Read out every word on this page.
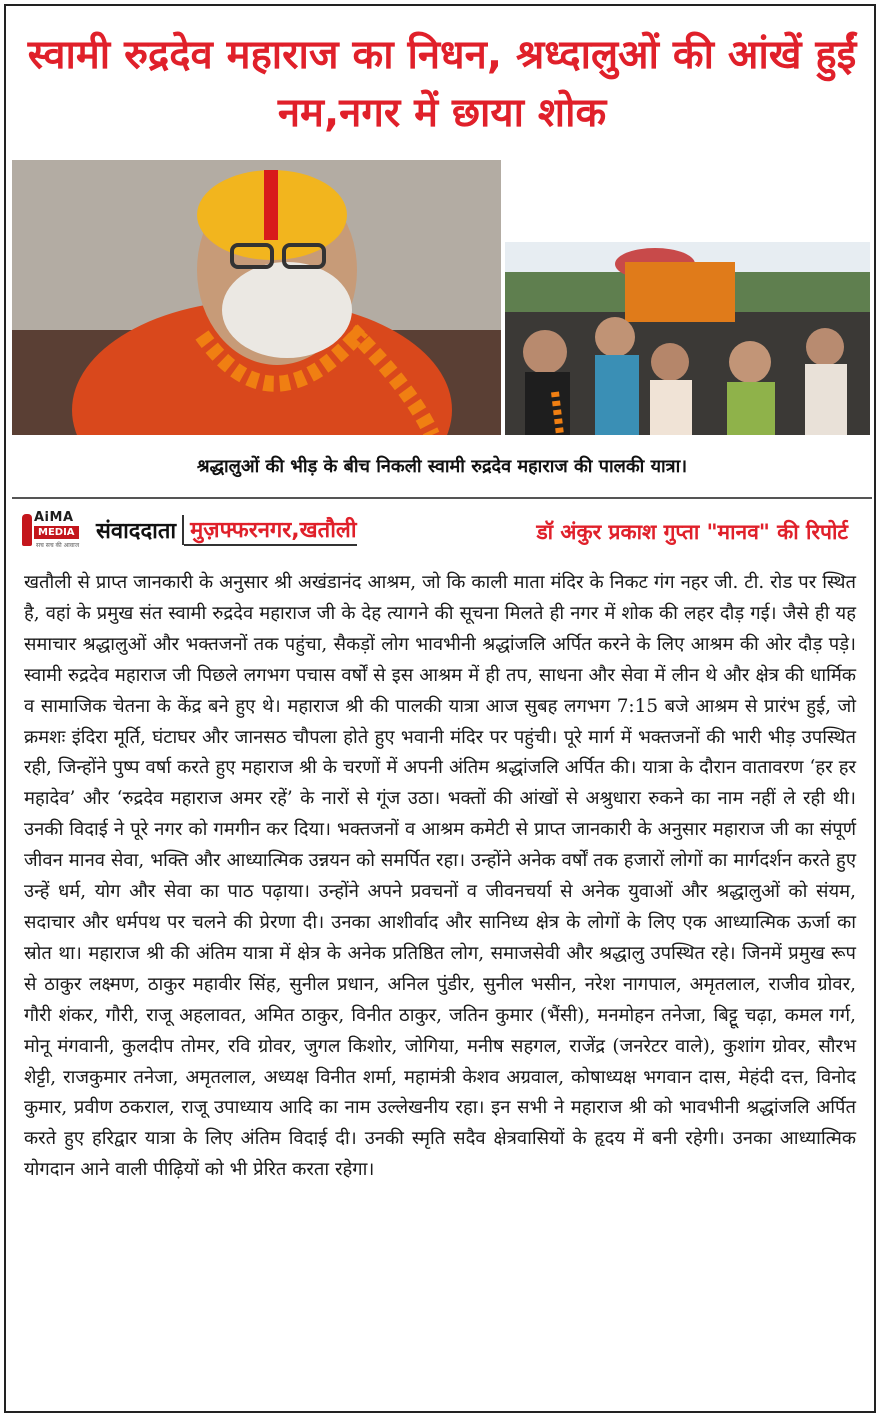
स्वामी रुद्रदेव महाराज का निधन, श्रध्दालुओं की आंखें हुईं नम,नगर में छाया शोक

श्रद्धालुओं की भीड़ के बीच निकली स्वामी रुद्रदेव महाराज की पालकी यात्रा।

AiMA
MEDIA
सच सच की आवाज
संवाददाता मुज़फ्फरनगर,खतौली	डॉ अंकुर प्रकाश गुप्ता "मानव" की रिपोर्ट

खतौली से प्राप्त जानकारी के अनुसार श्री अखंडानंद आश्रम, जो कि काली माता मंदिर के निकट गंग नहर जी. टी. रोड पर स्थित है, वहां के प्रमुख संत स्वामी रुद्रदेव महाराज जी के देह त्यागने की सूचना मिलते ही नगर में शोक की लहर दौड़ गई। जैसे ही यह समाचार श्रद्धालुओं और भक्तजनों तक पहुंचा, सैकड़ों लोग भावभीनी श्रद्धांजलि अर्पित करने के लिए आश्रम की ओर दौड़ पड़े। स्वामी रुद्रदेव महाराज जी पिछले लगभग पचास वर्षों से इस आश्रम में ही तप, साधना और सेवा में लीन थे और क्षेत्र की धार्मिक व सामाजिक चेतना के केंद्र बने हुए थे। महाराज श्री की पालकी यात्रा आज सुबह लगभग 7:15 बजे आश्रम से प्रारंभ हुई, जो क्रमशः इंदिरा मूर्ति, घंटाघर और जानसठ चौपला होते हुए भवानी मंदिर पर पहुंची। पूरे मार्ग में भक्तजनों की भारी भीड़ उपस्थित रही, जिन्होंने पुष्प वर्षा करते हुए महाराज श्री के चरणों में अपनी अंतिम श्रद्धांजलि अर्पित की। यात्रा के दौरान वातावरण ‘हर हर महादेव’ और ‘रुद्रदेव महाराज अमर रहें’ के नारों से गूंज उठा। भक्तों की आंखों से अश्रुधारा रुकने का नाम नहीं ले रही थी। उनकी विदाई ने पूरे नगर को गमगीन कर दिया। भक्तजनों व आश्रम कमेटी से प्राप्त जानकारी के अनुसार महाराज जी का संपूर्ण जीवन मानव सेवा, भक्ति और आध्यात्मिक उन्नयन को समर्पित रहा। उन्होंने अनेक वर्षों तक हजारों लोगों का मार्गदर्शन करते हुए उन्हें धर्म, योग और सेवा का पाठ पढ़ाया। उन्होंने अपने प्रवचनों व जीवनचर्या से अनेक युवाओं और श्रद्धालुओं को संयम, सदाचार और धर्मपथ पर चलने की प्रेरणा दी। उनका आशीर्वाद और सानिध्य क्षेत्र के लोगों के लिए एक आध्यात्मिक ऊर्जा का स्रोत था। महाराज श्री की अंतिम यात्रा में क्षेत्र के अनेक प्रतिष्ठित लोग, समाजसेवी और श्रद्धालु उपस्थित रहे। जिनमें प्रमुख रूप से ठाकुर लक्ष्मण, ठाकुर महावीर सिंह, सुनील प्रधान, अनिल पुंडीर, सुनील भसीन, नरेश नागपाल, अमृतलाल, राजीव ग्रोवर, गौरी शंकर, गौरी, राजू अहलावत, अमित ठाकुर, विनीत ठाकुर, जतिन कुमार (भैंसी), मनमोहन तनेजा, बिट्टू चढ़ा, कमल गर्ग, मोनू मंगवानी, कुलदीप तोमर, रवि ग्रोवर, जुगल किशोर, जोगिया, मनीष सहगल, राजेंद्र (जनरेटर वाले), कुशांग ग्रोवर, सौरभ शेट्टी, राजकुमार तनेजा, अमृतलाल, अध्यक्ष विनीत शर्मा, महामंत्री केशव अग्रवाल, कोषाध्यक्ष भगवान दास, मेहंदी दत्त, विनोद कुमार, प्रवीण ठकराल, राजू उपाध्याय आदि का नाम उल्लेखनीय रहा। इन सभी ने महाराज श्री को भावभीनी श्रद्धांजलि अर्पित करते हुए हरिद्वार यात्रा के लिए अंतिम विदाई दी। उनकी स्मृति सदैव क्षेत्रवासियों के हृदय में बनी रहेगी। उनका आध्यात्मिक योगदान आने वाली पीढ़ियों को भी प्रेरित करता रहेगा।
